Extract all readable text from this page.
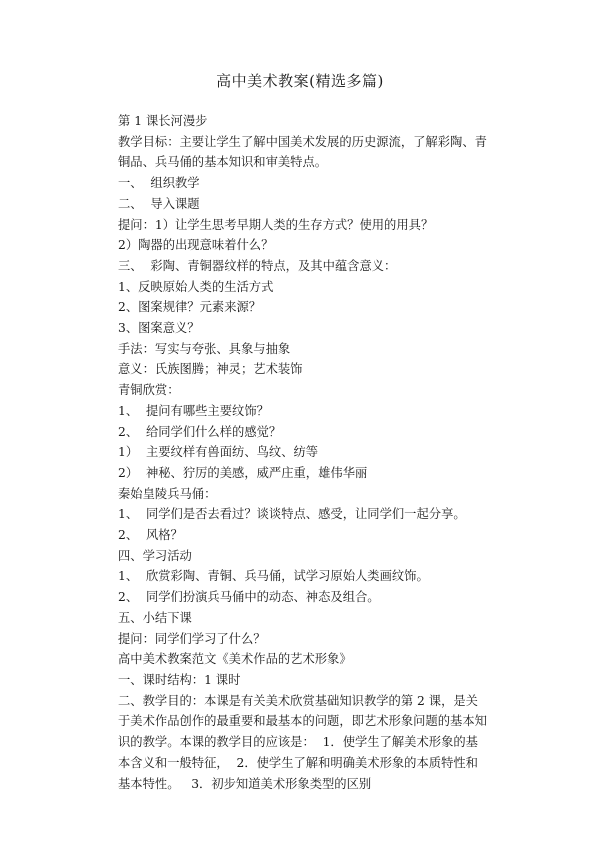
高中美术教案(精选多篇)

第 1 课长河漫步

教学目标：主要让学生了解中国美术发展的历史源流，了解彩陶、青铜品、兵马俑的基本知识和审美特点。

一、  组织教学

二、  导入课题

提问：1）让学生思考早期人类的生存方式？使用的用具？

2）陶器的出现意味着什么？

三、  彩陶、青铜器纹样的特点，及其中蕴含意义：

1、反映原始人类的生活方式

2、图案规律？元素来源？

3、图案意义？

手法：写实与夸张、具象与抽象

意义：氏族图腾；神灵；艺术装饰

青铜欣赏：

1、  提问有哪些主要纹饰？

2、  给同学们什么样的感觉？

1）  主要纹样有兽面纺、鸟纹、纺等

2）  神秘、狞厉的美感，威严庄重，雄伟华丽

秦始皇陵兵马俑：

1、  同学们是否去看过？谈谈特点、感受，让同学们一起分享。

2、  风格？

四、学习活动

1、  欣赏彩陶、青铜、兵马俑，试学习原始人类画纹饰。

2、  同学们扮演兵马俑中的动态、神态及组合。

五、小结下课

提问：同学们学习了什么？

高中美术教案范文《美术作品的艺术形象》

一、课时结构：1 课时

二、教学目的：本课是有关美术欣赏基础知识教学的第 2 课，是关于美术作品创作的最重要和最基本的问题，即艺术形象问题的基本知识的教学。本课的教学目的应该是：  1．使学生了解美术形象的基本含义和一般特征，  2．使学生了解和明确美术形象的本质特性和基本特性。   3．初步知道美术形象类型的区别
